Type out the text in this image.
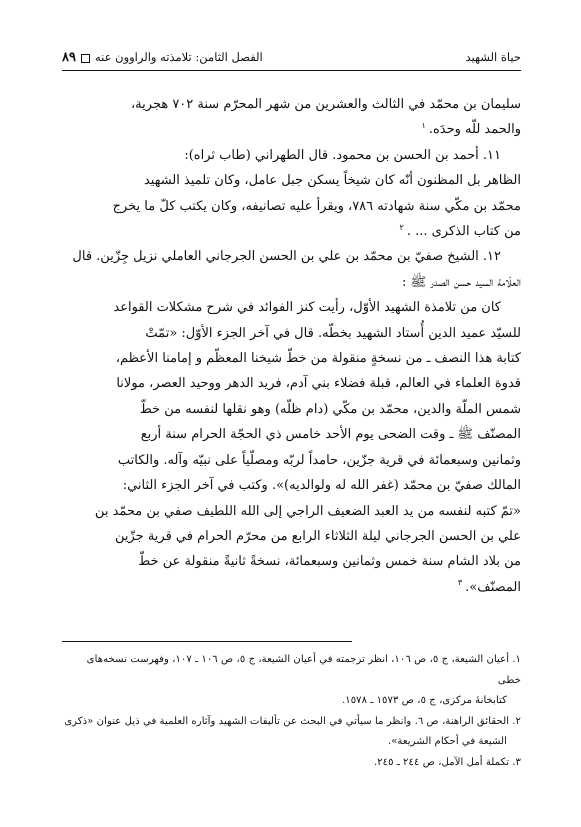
حياة الشهيد
الفصل الثامن: تلامذته والراوون عنه٨٩

سليمان بن محمّد في الثالث والعشرين من شهر المحرّم سنة ٧٠٢ هجرية،

والحمد للّه وحدَه.$^١$

١١. أحمد بن الحسن بن محمود. قال الطهراني (طاب ثراه):

الظاهر بل المظنون أنّه كان شيخاً يسكن جبل عامل، وكان تلميذ الشهيد

محمّد بن مكّي سنة شهادته ٧٨٦، ويقرأ عليه تصانيفه، وكان يكتب كلّ ما يخرج

من كتاب الذكرى ... .$^٢$

١٢. الشيخ صفيّ بن محمّد بن علي بن الحسن الجرجاني العاملي نزيل جِزّين. قال

العلّامة السيد حسن الصدر ﷺ :

كان من تلامذة الشهيد الأوّل، رأيت كنز الفوائد في شرح مشكلات القواعد

للسيّد عميد الدين أُستاد الشهيد بخطّه. قال في آخر الجزء الأوّل: «تمّتْ

كتابة هذا النصف ـ من نسخةٍ منقولة من خطّ شيخنا المعظّم و إمامنا الأعظم،

قدوة العلماء في العالم، قبلة فضلاء بني آدم، فريد الدهر ووحيد العصر، مولانا

شمس الملّة والدين، محمّد بن مكّي (دام ظلّه) وهو نقلها لنفسه من خطّ

المصنّف ﷺ ـ وقت الضحى يوم الأحد خامس ذي الحجّة الحرام سنة أربع

وثمانين وسبعمائة في قرية جزّين، حامداً لربّه ومصلّياً على نبيّه وآله. والكاتب

المالك صفيّ بن محمّد (غفر الله له ولوالديه)». وكتب في آخر الجزء الثاني:

«تمّ كتبه لنفسه من يد العبد الضعيف الراجي إلى الله اللطيف صفي بن محمّد بن

علي بن الحسن الجرجاني ليلة الثلاثاء الرابع من محرّم الحرام في قرية جزّين

من بلاد الشام سنة خمس وثمانين وسبعمائة، نسخةً ثانيةً منقولة عن خطّ

المصنّف».$^٣$

١. أعيان الشيعة، ج ٥، ص ١٠٦، انظر ترجمته في أعيان الشيعة، ج ٥، ص ١٠٦ ـ ١٠٧، وفهرست نسخه‌هاى خطى

كتابخانهٔ مركزى، ج ٥، ص ١٥٧٣ ـ ١٥٧٨.

٢. الحقائق الراهنة، ص ٦. وانظر ما سيأتي في البحث عن تأليفات الشهيد وآثاره العلمية في ذيل عنوان «ذكرى

الشيعة في أحكام الشريعة».

٣. تكملة أمل الآمل، ص ٢٤٤ ـ ٢٤٥.
